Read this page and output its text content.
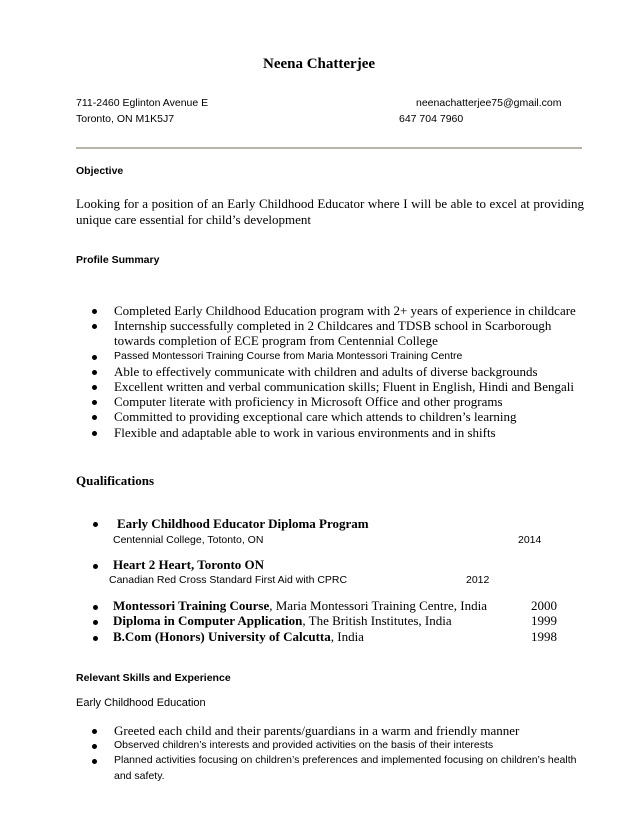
Neena Chatterjee
711-2460 Eglinton Avenue E
Toronto, ON M1K5J7
neenachatterjee75@gmail.com
647 704 7960
Objective
Looking for a position of an Early Childhood Educator where I will be able to excel at providing unique care essential for child’s development
Profile Summary
Completed Early Childhood Education program with 2+ years of experience in childcare
Internship successfully completed in 2 Childcares and TDSB school in Scarborough towards completion of ECE program from Centennial College
Passed Montessori Training Course from Maria Montessori Training Centre
Able to effectively communicate with children and adults of diverse backgrounds
Excellent written and verbal communication skills; Fluent in English, Hindi and Bengali
Computer literate with proficiency in Microsoft Office and other programs
Committed to providing exceptional care which attends to children’s learning
Flexible and adaptable able to work in various environments and in shifts
Qualifications
Early Childhood Educator Diploma Program
Centennial College, Totonto, ON	2014
Heart 2 Heart, Toronto ON
Canadian Red Cross Standard First Aid with CPRC	2012
Montessori Training Course, Maria Montessori Training Centre, India	2000
Diploma in Computer Application, The British Institutes, India	1999
B.Com (Honors) University of Calcutta, India	1998
Relevant Skills and Experience
Early Childhood Education
Greeted each child and their parents/guardians in a warm and friendly manner
Observed children’s interests and provided activities on the basis of their interests
Planned activities focusing on children’s preferences and implemented focusing on children’s health and safety.
